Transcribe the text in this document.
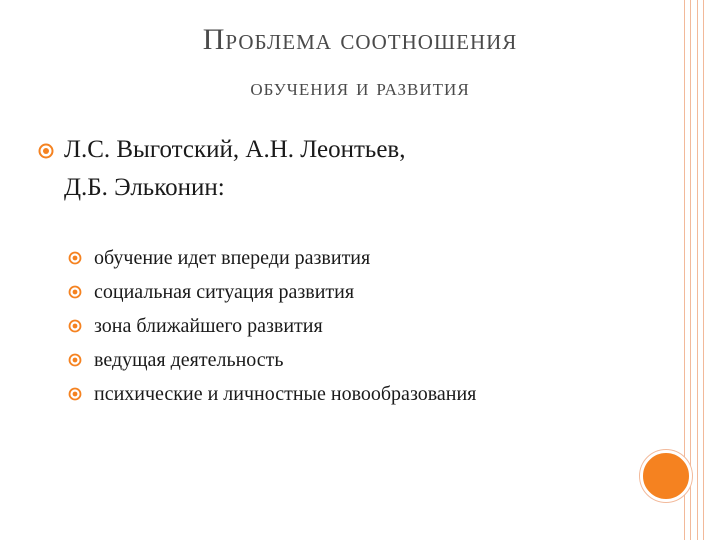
Проблема соотношения
обучения и развития
Л.С. Выготский, А.Н. Леонтьев,
Д.Б. Эльконин:
обучение идет впереди развития
социальная ситуация развития
зона ближайшего развития
ведущая деятельность
психические и личностные новообразования
